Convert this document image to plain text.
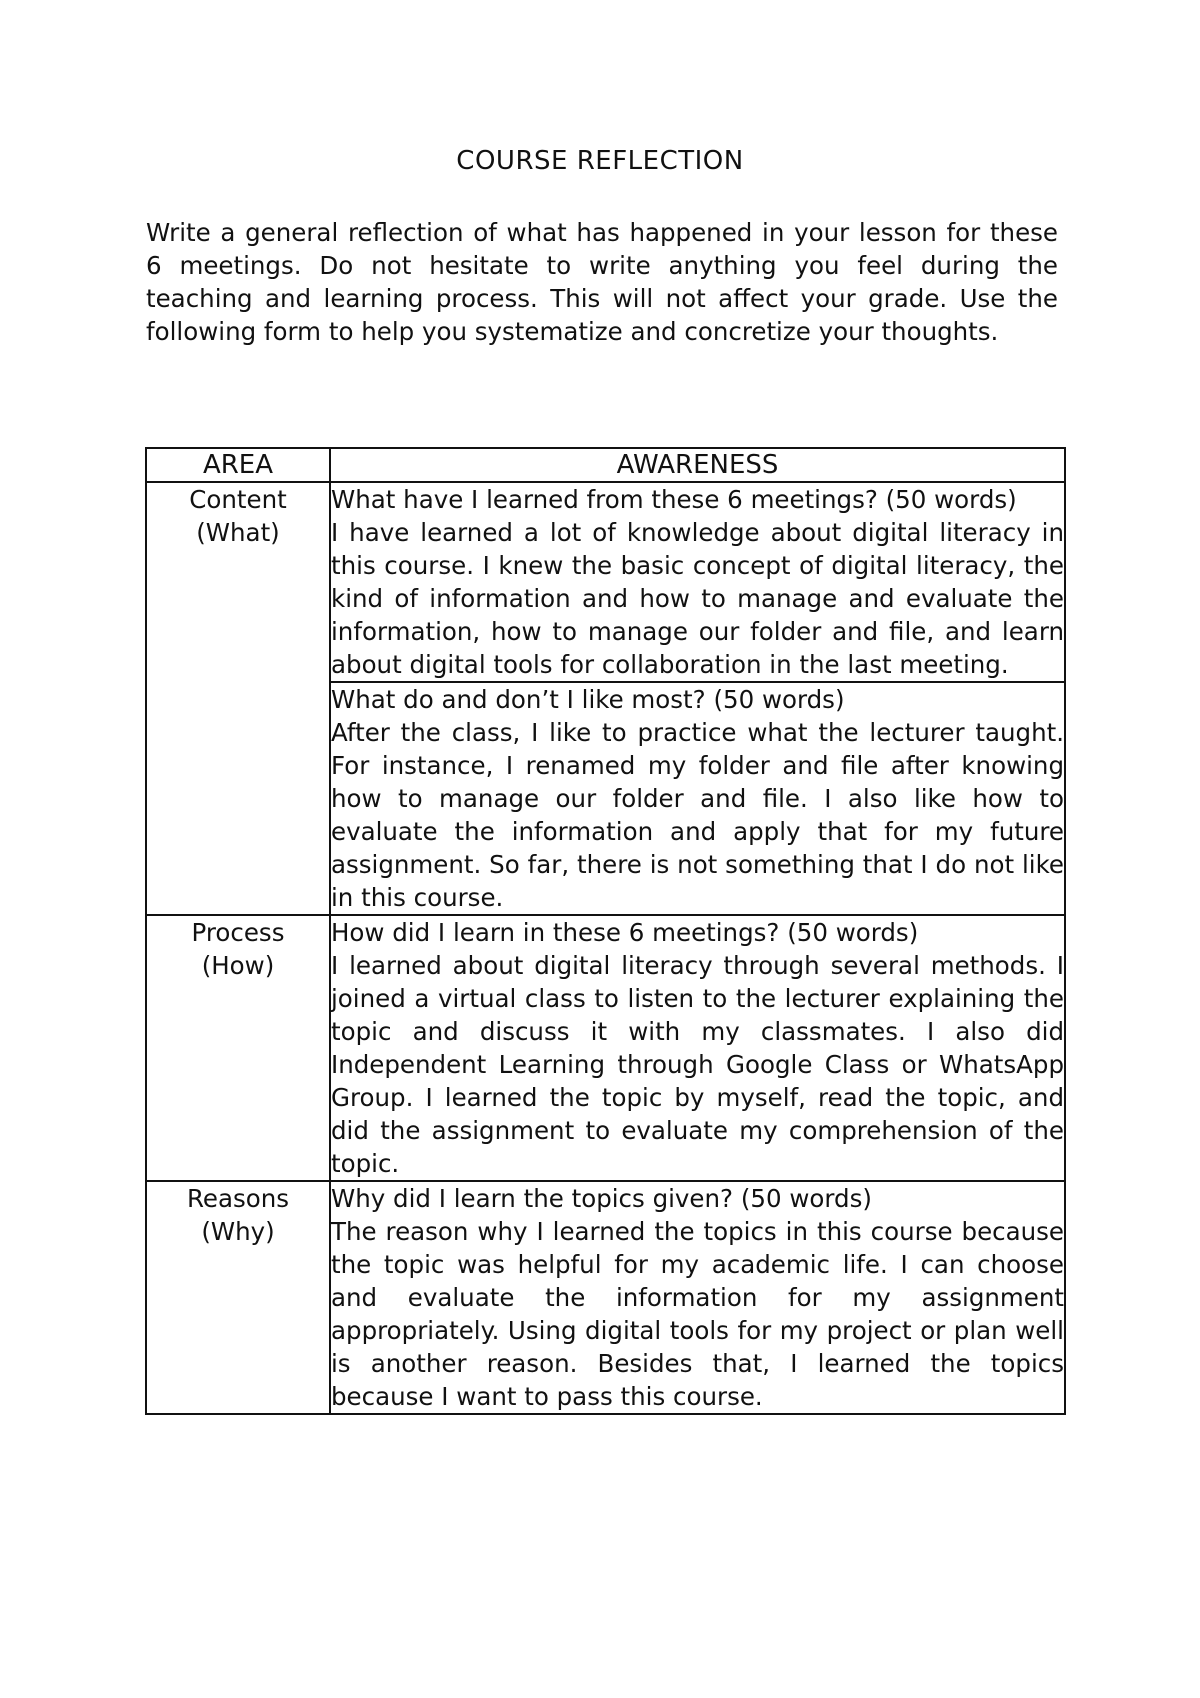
COURSE REFLECTION
Write a general reflection of what has happened in your lesson for these 6 meetings. Do not hesitate to write anything you feel during the teaching and learning process. This will not affect your grade. Use the following form to help you systematize and concretize your thoughts.
AREA	AWARENESS

Content
(What)	What have I learned from these 6 meetings? (50 words)
I have learned a lot of knowledge about digital literacy in this course. I knew the basic concept of digital literacy, the kind of information and how to manage and evaluate the information, how to manage our folder and file, and learn about digital tools for collaboration in the last meeting.

	What do and don’t I like most? (50 words)
After the class, I like to practice what the lecturer taught. For instance, I renamed my folder and file after knowing how to manage our folder and file. I also like how to evaluate the information and apply that for my future assignment. So far, there is not something that I do not like in this course.

Process
(How)	How did I learn in these 6 meetings? (50 words)
I learned about digital literacy through several methods. I joined a virtual class to listen to the lecturer explaining the topic and discuss it with my classmates. I also did Independent Learning through Google Class or WhatsApp Group. I learned the topic by myself, read the topic, and did the assignment to evaluate my comprehension of the topic.

Reasons
(Why)	Why did I learn the topics given? (50 words)
The reason why I learned the topics in this course because the topic was helpful for my academic life. I can choose and evaluate the information for my assignment appropriately. Using digital tools for my project or plan well is another reason. Besides that, I learned the topics because I want to pass this course.
